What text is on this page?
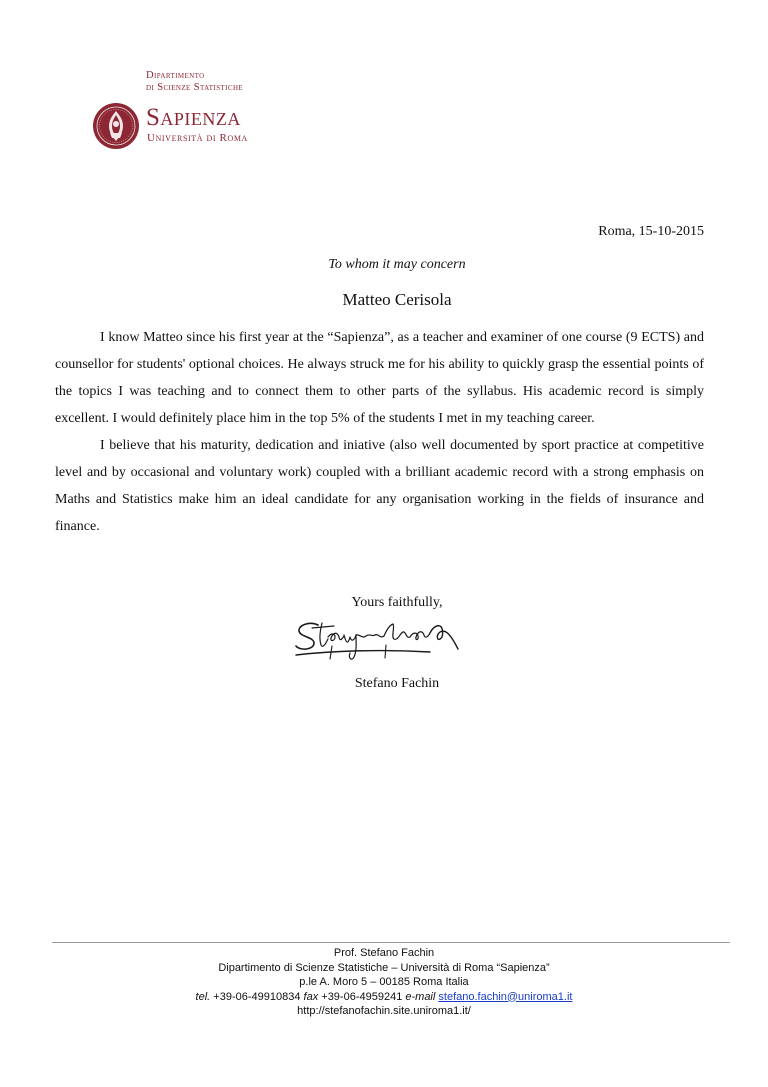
Dipartimento
di Scienze Statistiche
Sapienza
Università di Roma
Roma, 15-10-2015
To whom it may concern
Matteo Cerisola

I know Matteo since his first year at the “Sapienza”, as a teacher and examiner of one course (9 ECTS) and counsellor for students' optional choices. He always struck me for his ability to quickly grasp the essential points of the topics I was teaching and to connect them to other parts of the syllabus. His academic record is simply excellent. I would definitely place him in the top 5% of the students I met in my teaching career.

I believe that his maturity, dedication and iniative (also well documented by sport practice at competitive level and by occasional and voluntary work) coupled with a brilliant academic record with a strong emphasis on Maths and Statistics make him an ideal candidate for any organisation working in the fields of insurance and finance.

Yours faithfully,
Stefano Fachin
Prof. Stefano Fachin
Dipartimento di Scienze Statistiche – Università di Roma “Sapienza”
p.le A. Moro 5 – 00185 Roma Italia
tel. +39-06-49910834 fax +39-06-4959241 e-mail stefano.fachin@uniroma1.it
http://stefanofachin.site.uniroma1.it/
